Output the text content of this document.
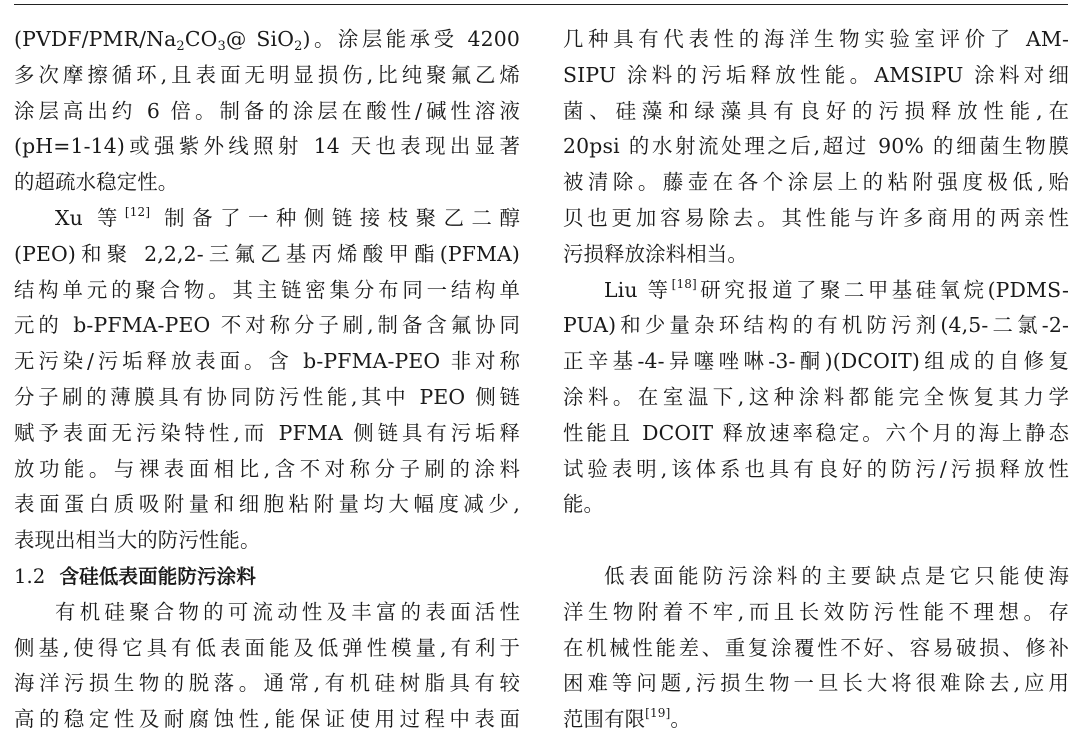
($PVDF/PMR/Na_2CO_3@$ SiO$_2$)。涂层能承受 4200
多次摩擦循环,且表面无明显损伤,比纯聚氟乙烯
涂层高出约 6 倍。制备的涂层在酸性/碱性溶液
(pH=1-14)或强紫外线照射 14 天也表现出显著
的超疏水稳定性。
Xu 等[12] 制备了一种侧链接枝聚乙二醇
(PEO)和聚 2,2,2-三氟乙基丙烯酸甲酯(PFMA)
结构单元的聚合物。其主链密集分布同一结构单
元的 b-PFMA-PEO 不对称分子刷,制备含氟协同
无污染/污垢释放表面。含 b-PFMA-PEO 非对称
分子刷的薄膜具有协同防污性能,其中 PEO 侧链
赋予表面无污染特性,而 PFMA 侧链具有污垢释
放功能。与裸表面相比,含不对称分子刷的涂料
表面蛋白质吸附量和细胞粘附量均大幅度减少,
表现出相当大的防污性能。
1.2 含硅低表面能防污涂料
有机硅聚合物的可流动性及丰富的表面活性
侧基,使得它具有低表面能及低弹性模量,有利于
海洋污损生物的脱落。通常,有机硅树脂具有较
高的稳定性及耐腐蚀性,能保证使用过程中表面
几种具有代表性的海洋生物实验室评价了 AM-
SIPU 涂料的污垢释放性能。AMSIPU 涂料对细
菌、硅藻和绿藻具有良好的污损释放性能,在
20psi 的水射流处理之后,超过 90% 的细菌生物膜
被清除。藤壶在各个涂层上的粘附强度极低,贻
贝也更加容易除去。其性能与许多商用的两亲性
污损释放涂料相当。
Liu 等[18]研究报道了聚二甲基硅氧烷(PDMS-
PUA)和少量杂环结构的有机防污剂(4,5-二氯-2-
正辛基-4-异噻唑啉-3-酮)(DCOIT)组成的自修复
涂料。在室温下,这种涂料都能完全恢复其力学
性能且 DCOIT 释放速率稳定。六个月的海上静态
试验表明,该体系也具有良好的防污/污损释放性
能。
低表面能防污涂料的主要缺点是它只能使海
洋生物附着不牢,而且长效防污性能不理想。存
在机械性能差、重复涂覆性不好、容易破损、修补
困难等问题,污损生物一旦长大将很难除去,应用
范围有限[19]。
